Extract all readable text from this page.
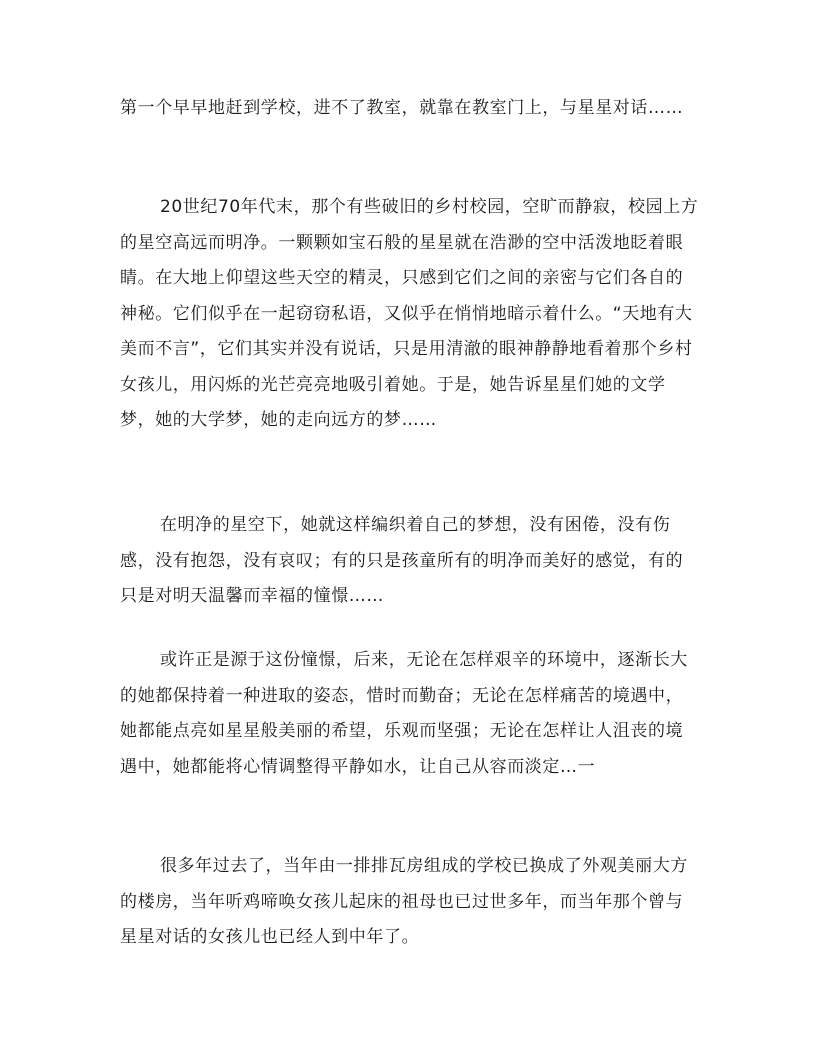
第一个早早地赶到学校，进不了教室，就靠在教室门上，与星星对话……

20世纪70年代末，那个有些破旧的乡村校园，空旷而静寂，校园上方的星空高远而明净。一颗颗如宝石般的星星就在浩渺的空中活泼地眨着眼睛。在大地上仰望这些天空的精灵，只感到它们之间的亲密与它们各自的神秘。它们似乎在一起窃窃私语，又似乎在悄悄地暗示着什么。“天地有大美而不言”，它们其实并没有说话，只是用清澈的眼神静静地看着那个乡村女孩儿，用闪烁的光芒亮亮地吸引着她。于是，她告诉星星们她的文学梦，她的大学梦，她的走向远方的梦……

在明净的星空下，她就这样编织着自己的梦想，没有困倦，没有伤感，没有抱怨，没有哀叹；有的只是孩童所有的明净而美好的感觉，有的只是对明天温馨而幸福的憧憬……

或许正是源于这份憧憬，后来，无论在怎样艰辛的环境中，逐渐长大的她都保持着一种进取的姿态，惜时而勤奋；无论在怎样痛苦的境遇中，她都能点亮如星星般美丽的希望，乐观而坚强；无论在怎样让人沮丧的境遇中，她都能将心情调整得平静如水，让自己从容而淡定…一

很多年过去了，当年由一排排瓦房组成的学校已换成了外观美丽大方的楼房，当年听鸡啼唤女孩儿起床的祖母也已过世多年，而当年那个曾与星星对话的女孩儿也已经人到中年了。
